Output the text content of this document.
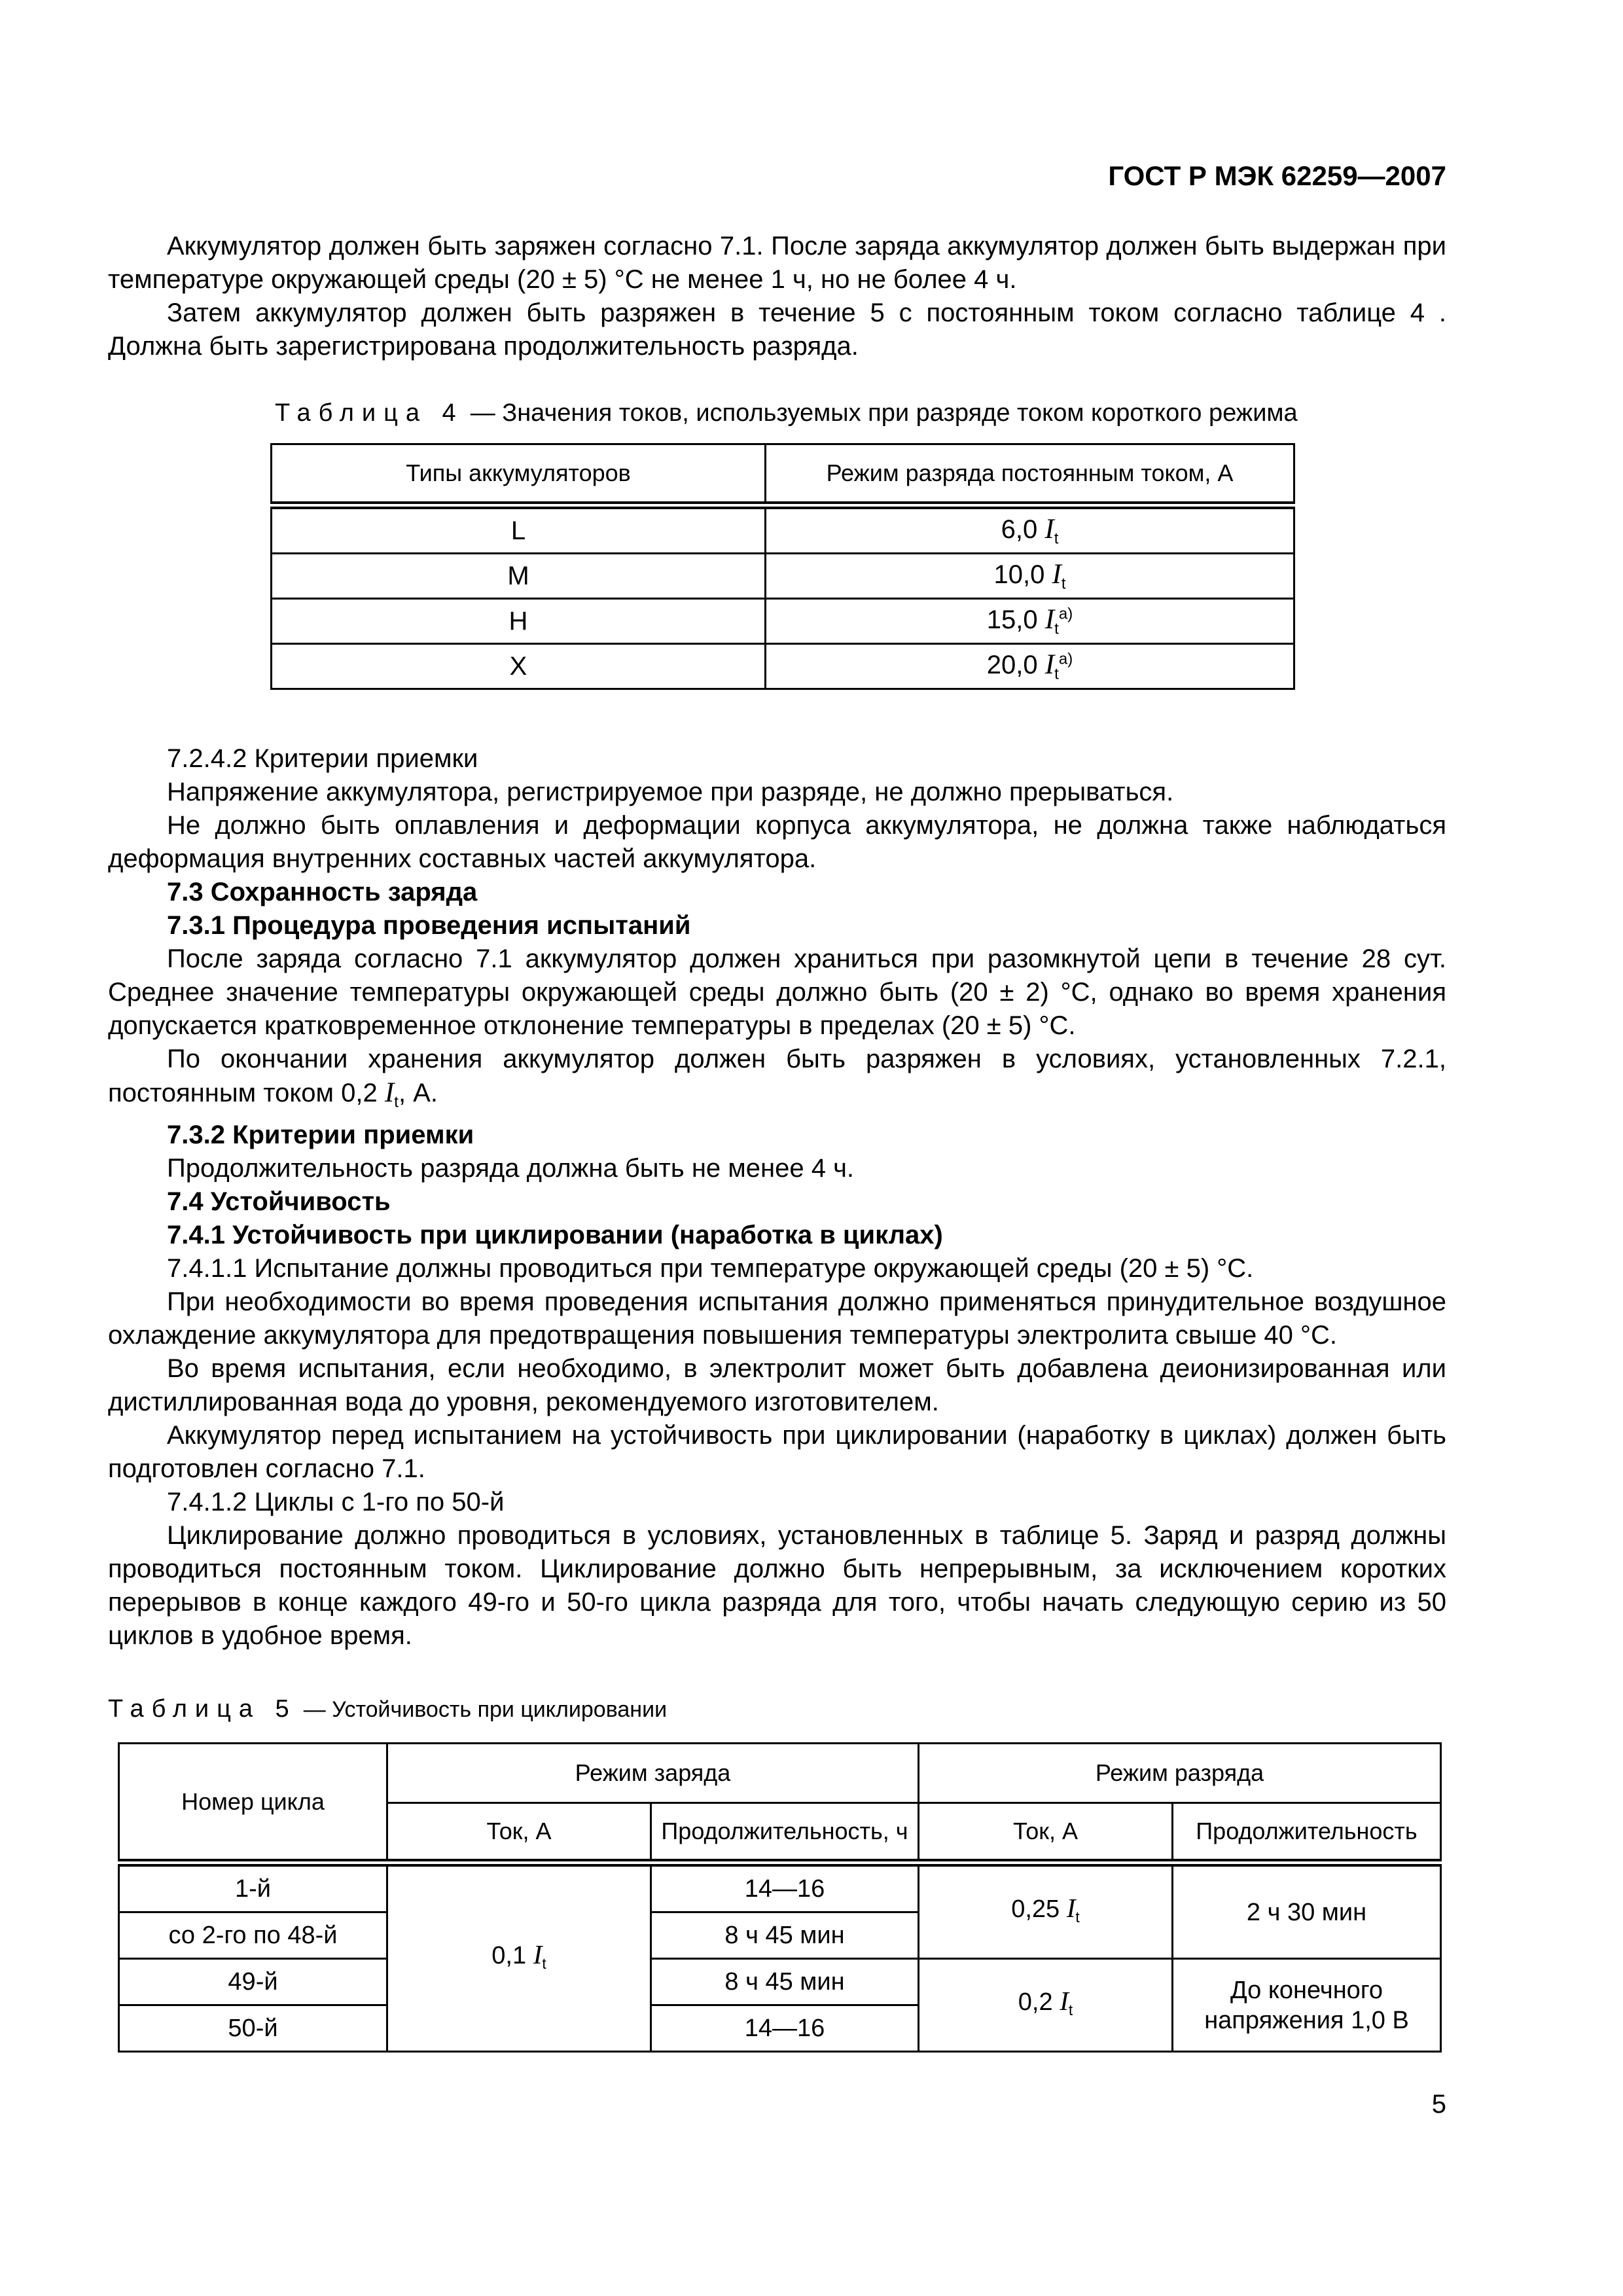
ГОСТ Р МЭК 62259—2007

Аккумулятор должен быть заряжен согласно 7.1. После заряда аккумулятор должен быть выдержан при температуре окружающей среды (20 ± 5) °С не менее 1 ч, но не более 4 ч.

Затем аккумулятор должен быть разряжен в течение 5 с постоянным током согласно таблице 4 . Должна быть зарегистрирована продолжительность разряда.

Таблица 4 — Значения токов, используемых при разряде током короткого режима
Типы аккумуляторов	Режим разряда постоянным током, А
L	6,0 $I_t$
M	10,0 $I_t$
H	15,0 $I_t^{а)}$
X	20,0 $I_t^{а)}$

7.2.4.2 Критерии приемки

Напряжение аккумулятора, регистрируемое при разряде, не должно прерываться.

Не должно быть оплавления и деформации корпуса аккумулятора, не должна также наблюдаться деформация внутренних составных частей аккумулятора.

7.3 Сохранность заряда

7.3.1 Процедура проведения испытаний

После заряда согласно 7.1 аккумулятор должен храниться при разомкнутой цепи в течение 28 сут. Среднее значение температуры окружающей среды должно быть (20 ± 2) °С, однако во время хранения допускается кратковременное отклонение температуры в пределах (20 ± 5) °С.

По окончании хранения аккумулятор должен быть разряжен в условиях, установленных 7.2.1, постоянным током 0,2 $I_t$, А.

7.3.2 Критерии приемки

Продолжительность разряда должна быть не менее 4 ч.

7.4 Устойчивость

7.4.1 Устойчивость при циклировании (наработка в циклах)

7.4.1.1 Испытание должны проводиться при температуре окружающей среды (20 ± 5) °С.

При необходимости во время проведения испытания должно применяться принудительное воздушное охлаждение аккумулятора для предотвращения повышения температуры электролита свыше 40 °С.

Во время испытания, если необходимо, в электролит может быть добавлена деионизированная или дистиллированная вода до уровня, рекомендуемого изготовителем.

Аккумулятор перед испытанием на устойчивость при циклировании (наработку в циклах) должен быть подготовлен согласно 7.1.

7.4.1.2 Циклы с 1-го по 50-й

Циклирование должно проводиться в условиях, установленных в таблице 5. Заряд и разряд должны проводиться постоянным током. Циклирование должно быть непрерывным, за исключением коротких перерывов в конце каждого 49-го и 50-го цикла разряда для того, чтобы начать следующую серию из 50 циклов в удобное время.

Таблица 5 — Устойчивость при циклировании
Номер цикла	Режим заряда		Режим разряда	
	Ток, А	Продолжительность, ч	Ток, А	Продолжительность
1-й	0,1 $I_t$	14—16	0,25 $I_t$	2 ч 30 мин
со 2-го по 48-й		8 ч 45 мин		
49-й		8 ч 45 мин	0,2 $I_t$	До конечного напряжения 1,0 В
50-й		14—16		
5
